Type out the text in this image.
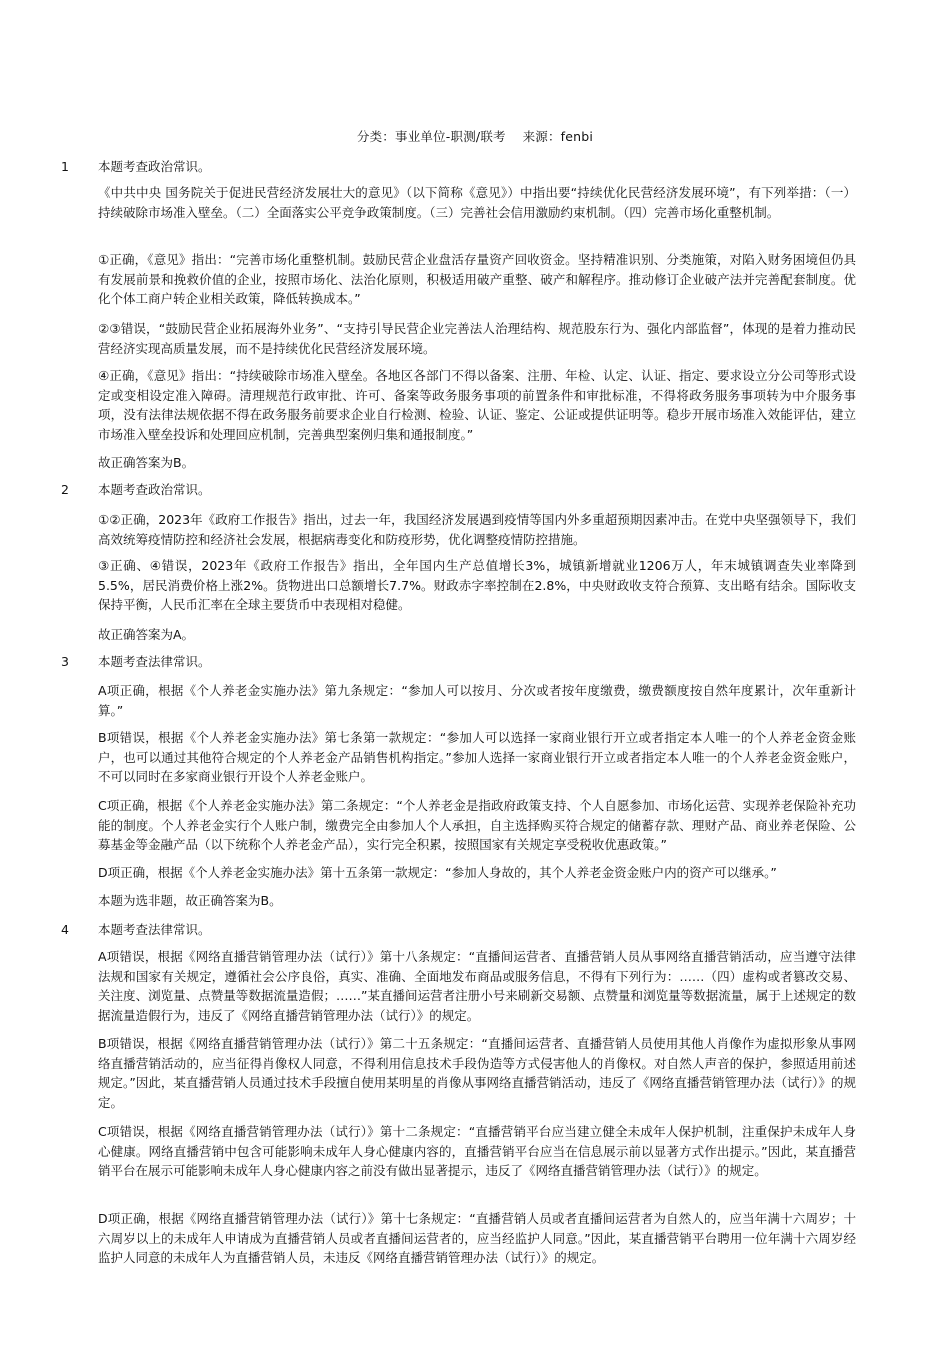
分类：事业单位-职测/联考　 来源：fenbi
1 本题考查政治常识。

《中共中央 国务院关于促进民营经济发展壮大的意见》（以下简称《意见》）中指出要“持续优化民营经济发展环境”，有下列举措：（一）持续破除市场准入壁垒。（二）全面落实公平竞争政策制度。（三）完善社会信用激励约束机制。（四）完善市场化重整机制。

①正确，《意见》指出：“完善市场化重整机制。鼓励民营企业盘活存量资产回收资金。坚持精准识别、分类施策，对陷入财务困境但仍具有发展前景和挽救价值的企业，按照市场化、法治化原则，积极适用破产重整、破产和解程序。推动修订企业破产法并完善配套制度。优化个体工商户转企业相关政策，降低转换成本。”

②③错误，“鼓励民营企业拓展海外业务”、“支持引导民营企业完善法人治理结构、规范股东行为、强化内部监督”，体现的是着力推动民营经济实现高质量发展，而不是持续优化民营经济发展环境。

④正确，《意见》指出：“持续破除市场准入壁垒。各地区各部门不得以备案、注册、年检、认定、认证、指定、要求设立分公司等形式设定或变相设定准入障碍。清理规范行政审批、许可、备案等政务服务事项的前置条件和审批标准，不得将政务服务事项转为中介服务事项，没有法律法规依据不得在政务服务前要求企业自行检测、检验、认证、鉴定、公证或提供证明等。稳步开展市场准入效能评估，建立市场准入壁垒投诉和处理回应机制，完善典型案例归集和通报制度。”

故正确答案为B。

2 本题考查政治常识。

①②正确，2023年《政府工作报告》指出，过去一年，我国经济发展遇到疫情等国内外多重超预期因素冲击。在党中央坚强领导下，我们高效统筹疫情防控和经济社会发展，根据病毒变化和防疫形势，优化调整疫情防控措施。

③正确、④错误，2023年《政府工作报告》指出，全年国内生产总值增长3%，城镇新增就业1206万人，年末城镇调查失业率降到5.5%，居民消费价格上涨2%。货物进出口总额增长7.7%。财政赤字率控制在2.8%，中央财政收支符合预算、支出略有结余。国际收支保持平衡，人民币汇率在全球主要货币中表现相对稳健。

故正确答案为A。

3 本题考查法律常识。

A项正确，根据《个人养老金实施办法》第九条规定：“参加人可以按月、分次或者按年度缴费，缴费额度按自然年度累计，次年重新计算。”

B项错误，根据《个人养老金实施办法》第七条第一款规定：“参加人可以选择一家商业银行开立或者指定本人唯一的个人养老金资金账户，也可以通过其他符合规定的个人养老金产品销售机构指定。”参加人选择一家商业银行开立或者指定本人唯一的个人养老金资金账户，不可以同时在多家商业银行开设个人养老金账户。

C项正确，根据《个人养老金实施办法》第二条规定：“个人养老金是指政府政策支持、个人自愿参加、市场化运营、实现养老保险补充功能的制度。个人养老金实行个人账户制，缴费完全由参加人个人承担，自主选择购买符合规定的储蓄存款、理财产品、商业养老保险、公募基金等金融产品（以下统称个人养老金产品），实行完全积累，按照国家有关规定享受税收优惠政策。”

D项正确，根据《个人养老金实施办法》第十五条第一款规定：“参加人身故的，其个人养老金资金账户内的资产可以继承。”

本题为选非题，故正确答案为B。

4 本题考查法律常识。

A项错误，根据《网络直播营销管理办法（试行）》第十八条规定：“直播间运营者、直播营销人员从事网络直播营销活动，应当遵守法律法规和国家有关规定，遵循社会公序良俗，真实、准确、全面地发布商品或服务信息，不得有下列行为：……（四）虚构或者篡改交易、关注度、浏览量、点赞量等数据流量造假；……”某直播间运营者注册小号来刷新交易额、点赞量和浏览量等数据流量，属于上述规定的数据流量造假行为，违反了《网络直播营销管理办法（试行）》的规定。

B项错误，根据《网络直播营销管理办法（试行）》第二十五条规定：“直播间运营者、直播营销人员使用其他人肖像作为虚拟形象从事网络直播营销活动的，应当征得肖像权人同意，不得利用信息技术手段伪造等方式侵害他人的肖像权。对自然人声音的保护，参照适用前述规定。”因此，某直播营销人员通过技术手段擅自使用某明星的肖像从事网络直播营销活动，违反了《网络直播营销管理办法（试行）》的规定。

C项错误，根据《网络直播营销管理办法（试行）》第十二条规定：“直播营销平台应当建立健全未成年人保护机制，注重保护未成年人身心健康。网络直播营销中包含可能影响未成年人身心健康内容的，直播营销平台应当在信息展示前以显著方式作出提示。”因此，某直播营销平台在展示可能影响未成年人身心健康内容之前没有做出显著提示，违反了《网络直播营销管理办法（试行）》的规定。

D项正确，根据《网络直播营销管理办法（试行）》第十七条规定：“直播营销人员或者直播间运营者为自然人的，应当年满十六周岁；十六周岁以上的未成年人申请成为直播营销人员或者直播间运营者的，应当经监护人同意。”因此，某直播营销平台聘用一位年满十六周岁经监护人同意的未成年人为直播营销人员，未违反《网络直播营销管理办法（试行）》的规定。
